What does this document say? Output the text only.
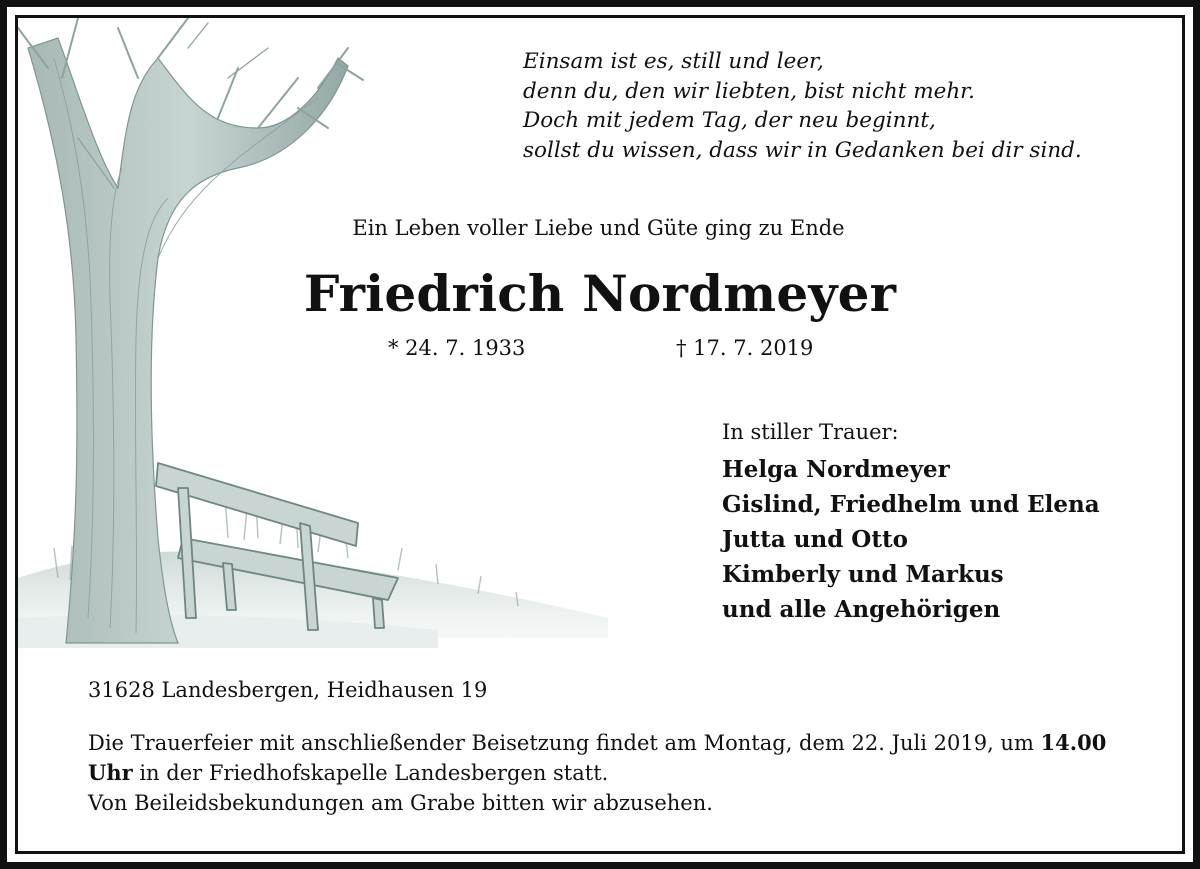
Einsam ist es, still und leer,
denn du, den wir liebten, bist nicht mehr.
Doch mit jedem Tag, der neu beginnt,
sollst du wissen, dass wir in Gedanken bei dir sind.
Ein Leben voller Liebe und Güte ging zu Ende
Friedrich Nordmeyer
* 24. 7. 1933	† 17. 7. 2019
In stiller Trauer:
Helga Nordmeyer
Gislind, Friedhelm und Elena
Jutta und Otto
Kimberly und Markus
und alle Angehörigen
31628 Landesbergen, Heidhausen 19
Die Trauerfeier mit anschließender Beisetzung findet am Montag, dem 22. Juli 2019, um 14.00 Uhr in der Friedhofskapelle Landesbergen statt.
Von Beileidsbekundungen am Grabe bitten wir abzusehen.
